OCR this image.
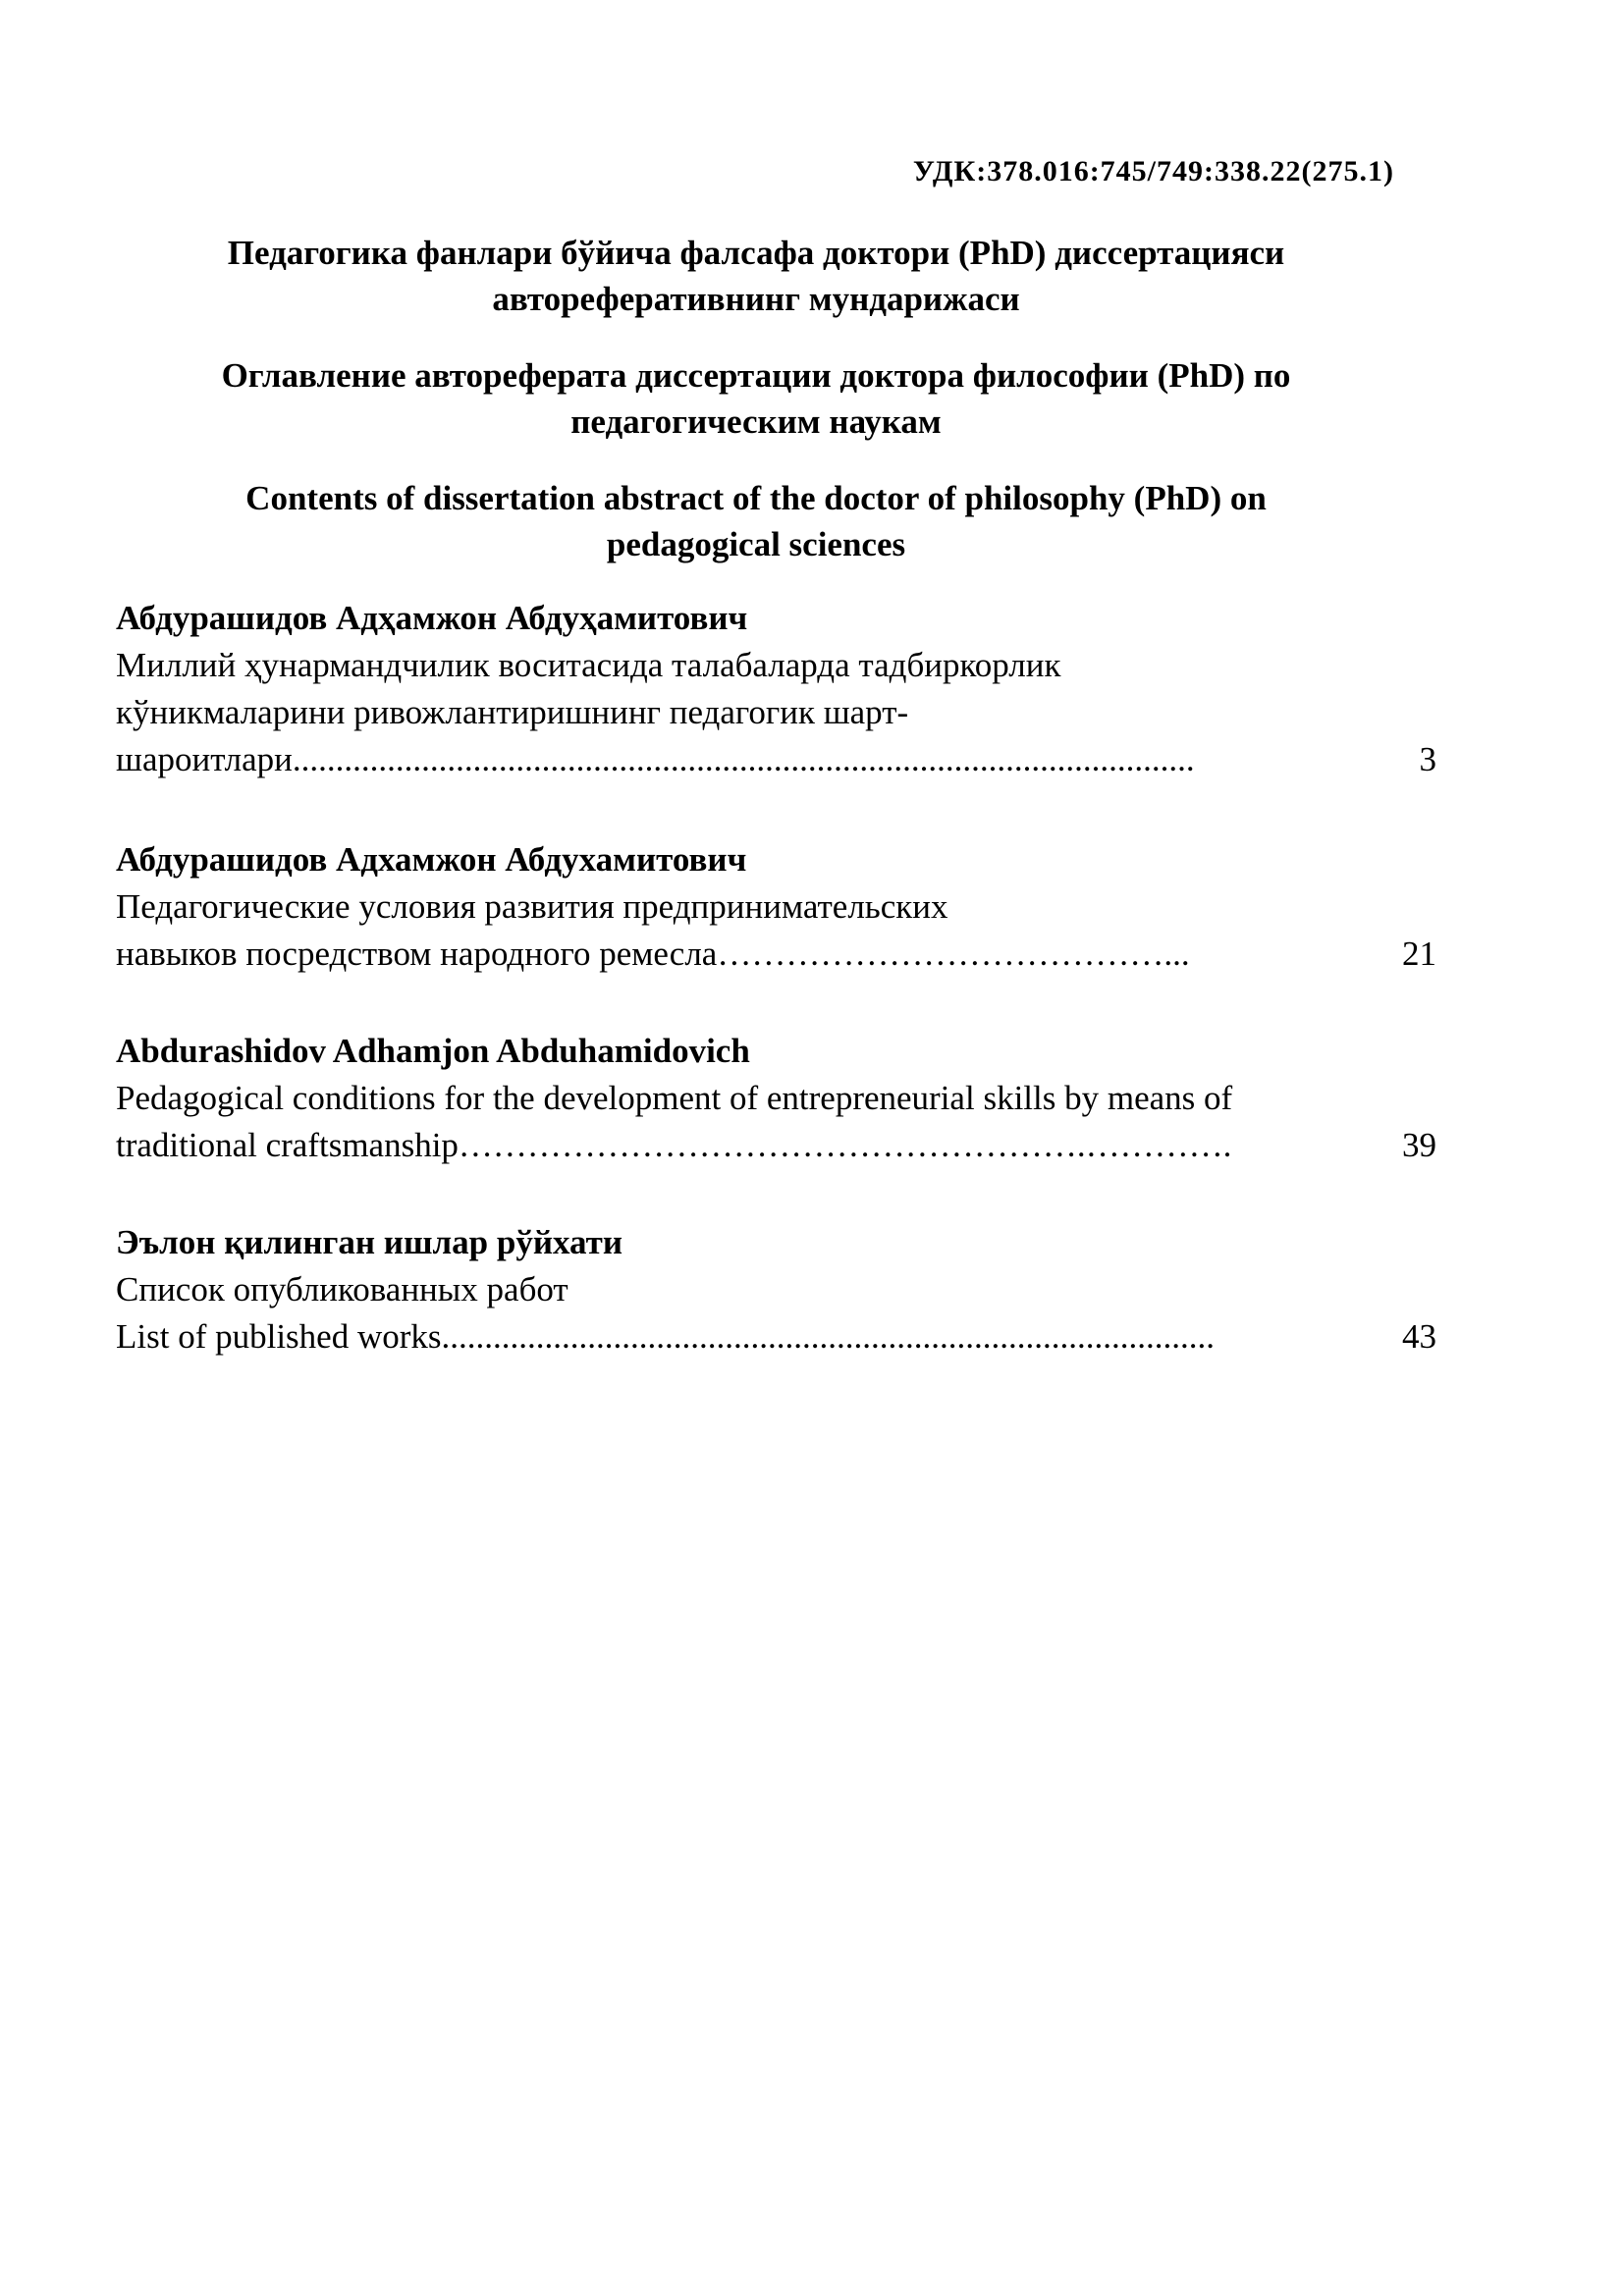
УДК:378.016:745/749:338.22(275.1)
Педагогика фанлари бўйича фалсафа доктори (PhD) диссертацияси
автореферативнинг мундарижаси
Оглавление автореферата диссертации доктора философии (PhD) по
педагогическим наукам
Contents of dissertation abstract of the doctor of philosophy (PhD) on
pedagogical sciences
Абдурашидов Адҳамжон Абдуҳамитович
Миллий ҳунармандчилик воситасида талабаларда тадбиркорлик
кўникмаларини ривожлантиришнинг педагогик шарт-
шароитлари.........................................................................................................	3
Абдурашидов Адхамжон Абдухамитович
Педагогические условия развития предпринимательских
навыков посредством народного ремесла…………………………………...	21
Abdurashidov Adhamjon Abduhamidovich
Pedagogical conditions for the development of entrepreneurial skills by means of
traditional craftsmanship……………………………………………….………….	39
Эълон қилинган ишлар рўйхати
Список опубликованных работ
List of published works..........................................................................................	43
